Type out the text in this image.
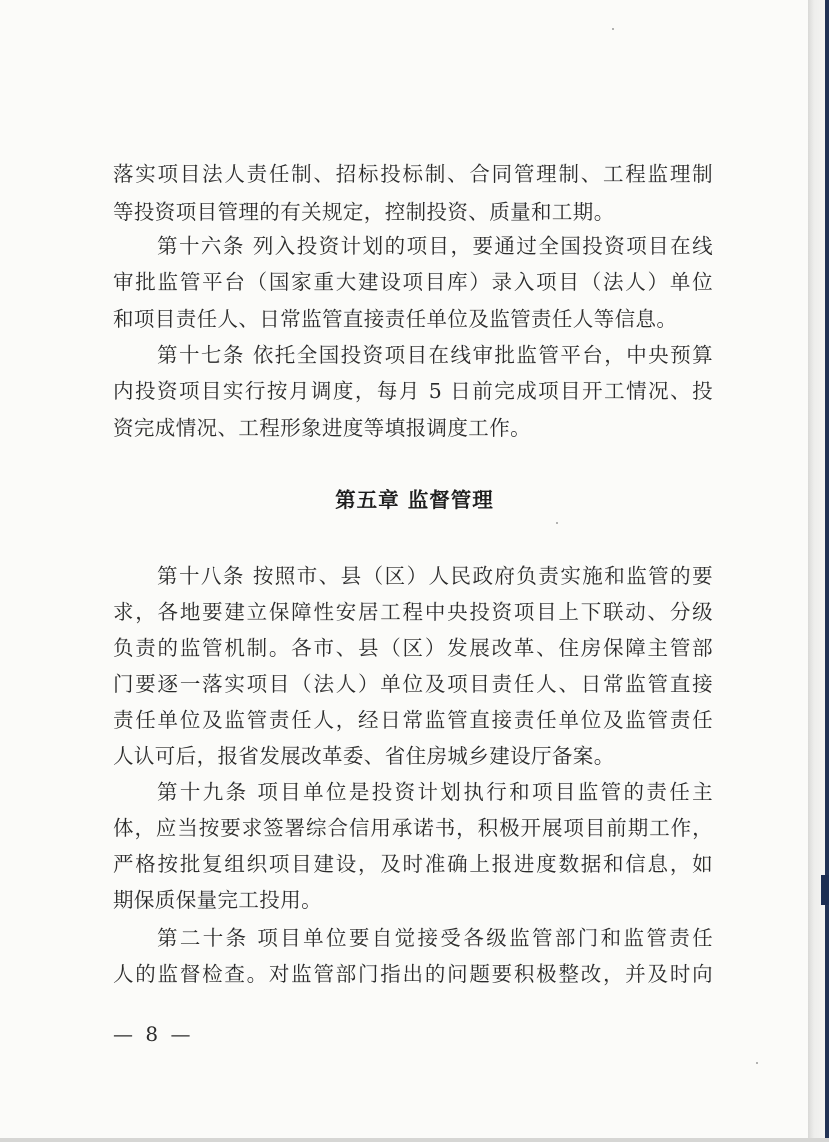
落实项目法人责任制、招标投标制、合同管理制、工程监理制
等投资项目管理的有关规定，控制投资、质量和工期。
第十六条 列入投资计划的项目，要通过全国投资项目在线
审批监管平台（国家重大建设项目库）录入项目（法人）单位
和项目责任人、日常监管直接责任单位及监管责任人等信息。
第十七条 依托全国投资项目在线审批监管平台，中央预算
内投资项目实行按月调度，每月 5 日前完成项目开工情况、投
资完成情况、工程形象进度等填报调度工作。
第五章 监督管理
第十八条 按照市、县（区）人民政府负责实施和监管的要
求，各地要建立保障性安居工程中央投资项目上下联动、分级
负责的监管机制。各市、县（区）发展改革、住房保障主管部
门要逐一落实项目（法人）单位及项目责任人、日常监管直接
责任单位及监管责任人，经日常监管直接责任单位及监管责任
人认可后，报省发展改革委、省住房城乡建设厅备案。
第十九条 项目单位是投资计划执行和项目监管的责任主
体，应当按要求签署综合信用承诺书，积极开展项目前期工作，
严格按批复组织项目建设，及时准确上报进度数据和信息，如
期保质保量完工投用。
第二十条 项目单位要自觉接受各级监管部门和监管责任
人的监督检查。对监管部门指出的问题要积极整改，并及时向
— 8 —
